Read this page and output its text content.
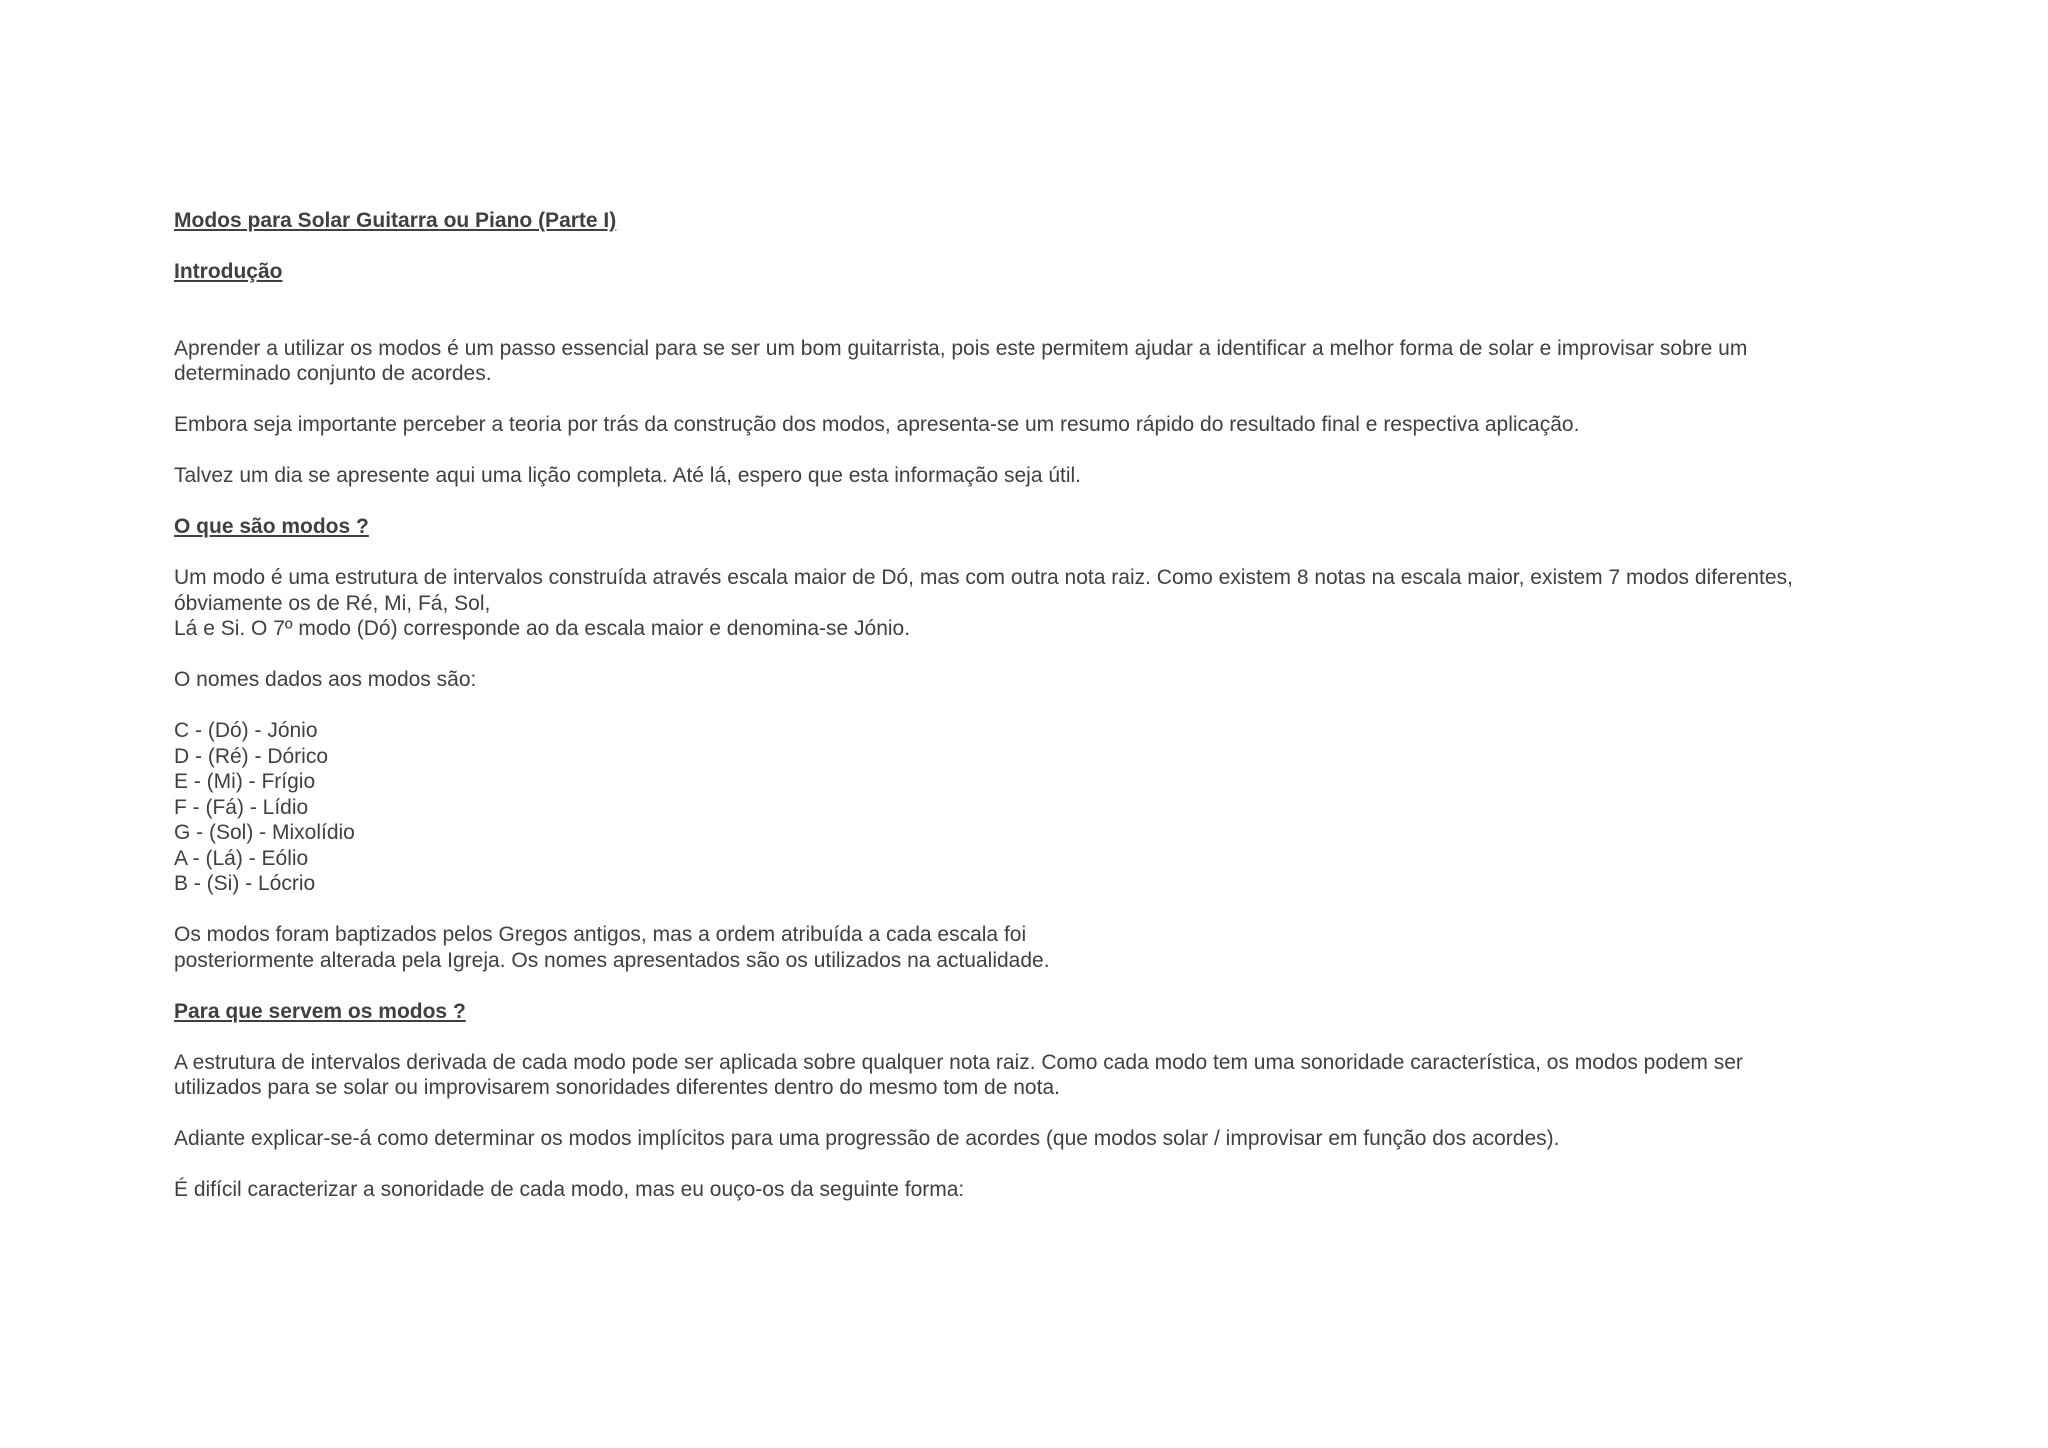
Modos para Solar Guitarra ou Piano (Parte I)

Introdução

Aprender a utilizar os modos é um passo essencial para se ser um bom guitarrista, pois este permitem ajudar a identificar a melhor forma de solar e improvisar sobre um

determinado conjunto de acordes.

Embora seja importante perceber a teoria por trás da construção dos modos, apresenta-se um resumo rápido do resultado final e respectiva aplicação.

Talvez um dia se apresente aqui uma lição completa. Até lá, espero que esta informação seja útil.

O que são modos ?

Um modo é uma estrutura de intervalos construída através escala maior de Dó, mas com outra nota raiz. Como existem 8 notas na escala maior, existem 7 modos diferentes,

óbviamente os de Ré, Mi, Fá, Sol,

Lá e Si. O 7º modo (Dó) corresponde ao da escala maior e denomina-se Jónio.

O nomes dados aos modos são:

C - (Dó) - Jónio
D - (Ré) - Dórico
E - (Mi) - Frígio
F - (Fá) - Lídio
G - (Sol) - Mixolídio
A - (Lá) - Eólio
B - (Si) - Lócrio

Os modos foram baptizados pelos Gregos antigos, mas a ordem atribuída a cada escala foi

posteriormente alterada pela Igreja. Os nomes apresentados são os utilizados na actualidade.

Para que servem os modos ?

A estrutura de intervalos derivada de cada modo pode ser aplicada sobre qualquer nota raiz. Como cada modo tem uma sonoridade característica, os modos podem ser

utilizados para se solar ou improvisarem sonoridades diferentes dentro do mesmo tom de nota.

Adiante explicar-se-á como determinar os modos implícitos para uma progressão de acordes (que modos solar / improvisar em função dos acordes).

É difícil caracterizar a sonoridade de cada modo, mas eu ouço-os da seguinte forma:
